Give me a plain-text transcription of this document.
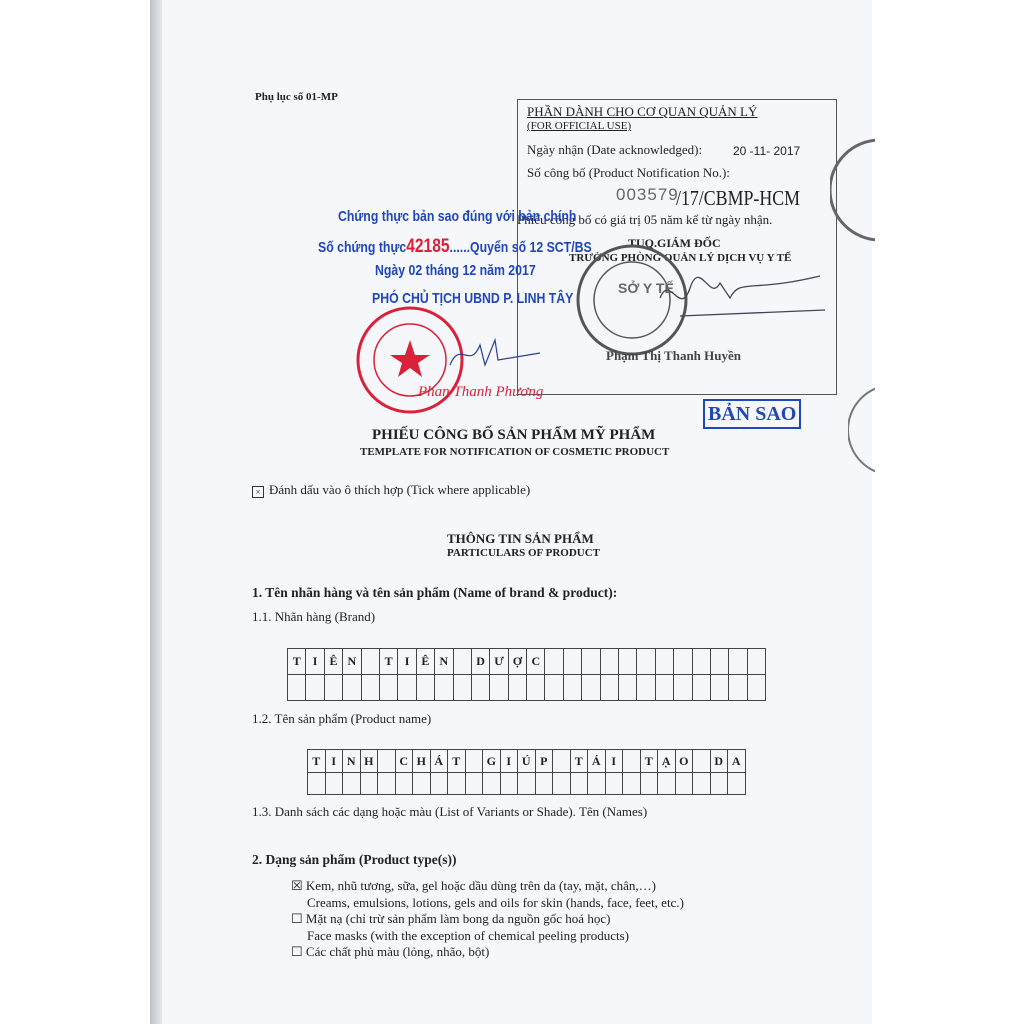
Phụ lục số 01-MP
PHẦN DÀNH CHO CƠ QUAN QUẢN LÝ
(FOR OFFICIAL USE)
Ngày nhận (Date acknowledged):	20 -11- 2017
Số công bố (Product Notification No.):
003579
/17/CBMP-HCM
Phiếu công bố có giá trị 05 năm kể từ ngày nhận.
TUQ.GIÁM ĐỐC
TRƯỞNG PHÒNG QUẢN LÝ DỊCH VỤ Y TẾ
SỞ Y TẾ
Phạm Thị Thanh Huyền
Chứng thực bản sao đúng với bản chính
Số chứng thực42185......Quyển số 12 SCT/BS
Ngày 02 tháng 12 năm 2017
PHÓ CHỦ TỊCH UBND P. LINH TÂY
Phan Thanh Phương
BẢN SAO
PHIẾU CÔNG BỐ SẢN PHẨM MỸ PHẨM
TEMPLATE FOR NOTIFICATION OF COSMETIC PRODUCT
× Đánh dấu vào ô thích hợp (Tick where applicable)
THÔNG TIN SẢN PHẨM
PARTICULARS OF PRODUCT
1. Tên nhãn hàng và tên sản phẩm (Name of brand & product):
1.1. Nhãn hàng (Brand)
T	I	Ê N	T	I	Ê N	D Ư Ợ C
1.2. Tên sản phẩm (Product name)
T I N H	C H Á T	G I Ú P	T Á I	T Ạ O	D A
1.3. Danh sách các dạng hoặc màu (List of Variants or Shade). Tên (Names)
2. Dạng sản phẩm (Product type(s))
☒ Kem, nhũ tương, sữa, gel hoặc dầu dùng trên da (tay, mặt, chân,…)
Creams, emulsions, lotions, gels and oils for skin (hands, face, feet, etc.)
☐ Mặt nạ (chỉ trừ sản phẩm làm bong da nguồn gốc hoá học)
Face masks (with the exception of chemical peeling products)
☐ Các chất phủ màu (lỏng, nhão, bột)
